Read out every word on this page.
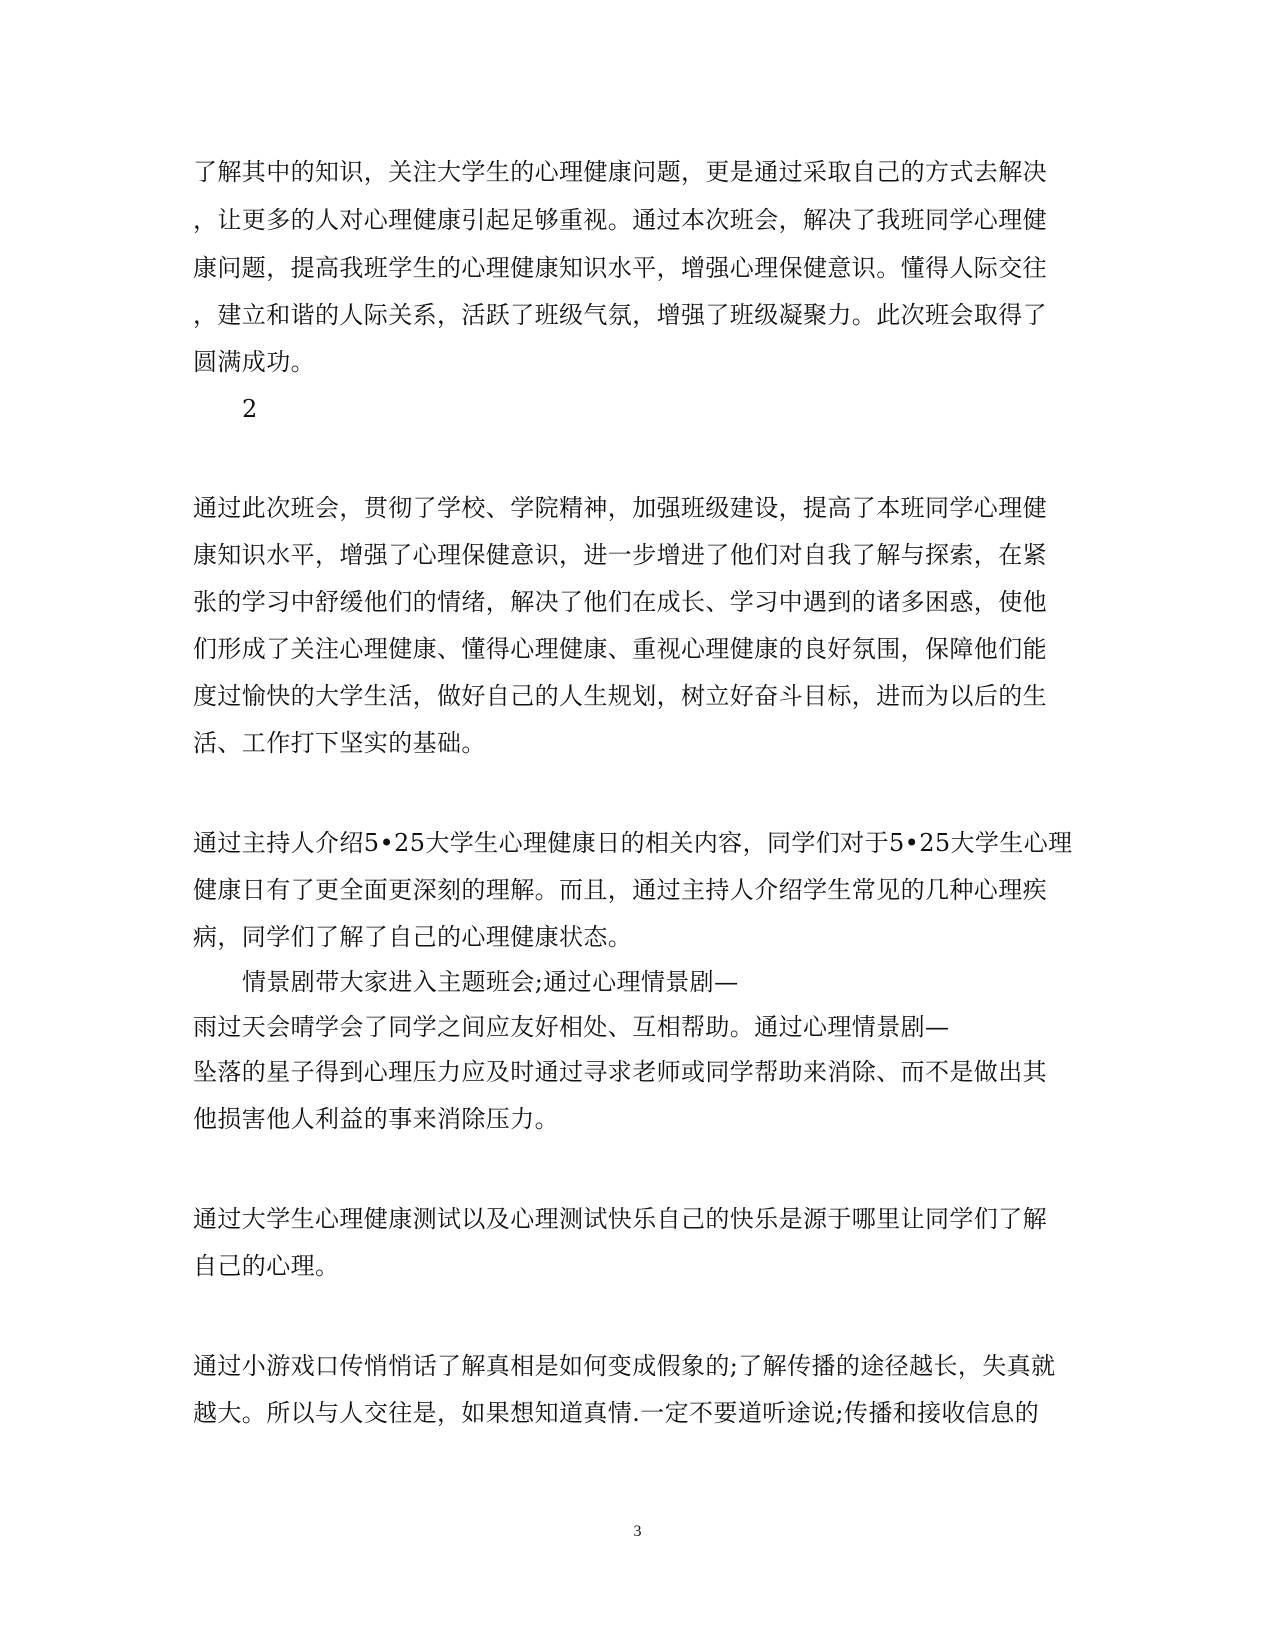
了解其中的知识，关注大学生的心理健康问题，更是通过采取自己的方式去解决
，让更多的人对心理健康引起足够重视。通过本次班会，解决了我班同学心理健
康问题，提高我班学生的心理健康知识水平，增强心理保健意识。懂得人际交往
，建立和谐的人际关系，活跃了班级气氛，增强了班级凝聚力。此次班会取得了
圆满成功。
2
通过此次班会，贯彻了学校、学院精神，加强班级建设，提高了本班同学心理健
康知识水平，增强了心理保健意识，进一步增进了他们对自我了解与探索，在紧
张的学习中舒缓他们的情绪，解决了他们在成长、学习中遇到的诸多困惑，使他
们形成了关注心理健康、懂得心理健康、重视心理健康的良好氛围，保障他们能
度过愉快的大学生活，做好自己的人生规划，树立好奋斗目标，进而为以后的生
活、工作打下坚实的基础。
通过主持人介绍5•25大学生心理健康日的相关内容，同学们对于5•25大学生心理
健康日有了更全面更深刻的理解。而且，通过主持人介绍学生常见的几种心理疾
病，同学们了解了自己的心理健康状态。
情景剧带大家进入主题班会;通过心理情景剧—
雨过天会晴学会了同学之间应友好相处、互相帮助。通过心理情景剧—
坠落的星子得到心理压力应及时通过寻求老师或同学帮助来消除、而不是做出其
他损害他人利益的事来消除压力。
通过大学生心理健康测试以及心理测试快乐自己的快乐是源于哪里让同学们了解
自己的心理。
通过小游戏口传悄悄话了解真相是如何变成假象的;了解传播的途径越长，失真就
越大。所以与人交往是，如果想知道真情.一定不要道听途说;传播和接收信息的
3
